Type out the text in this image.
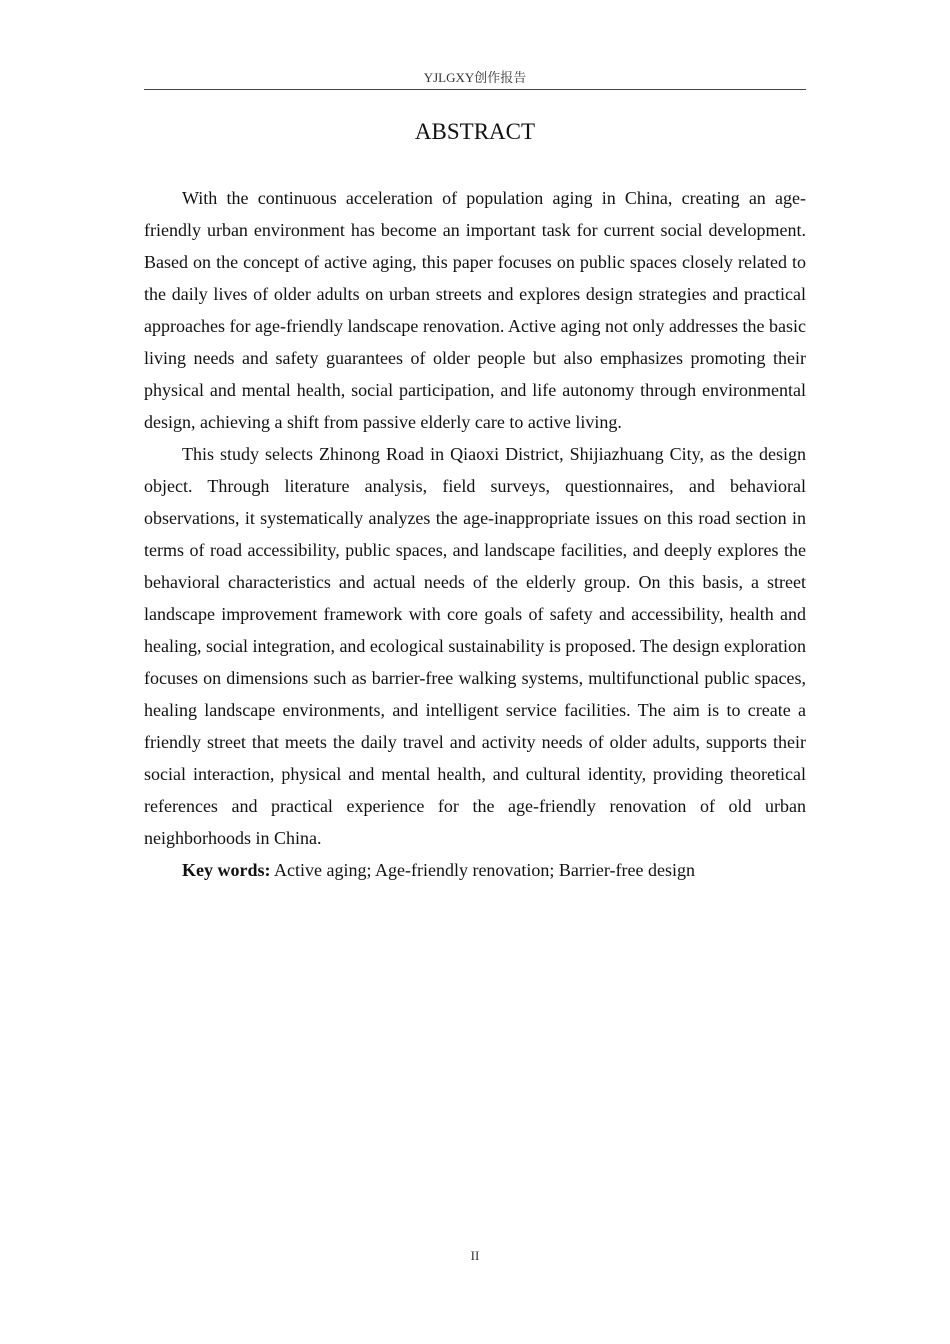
YJLGXY创作报告
ABSTRACT

With the continuous acceleration of population aging in China, creating an age-friendly urban environment has become an important task for current social development. Based on the concept of active aging, this paper focuses on public spaces closely related to the daily lives of older adults on urban streets and explores design strategies and practical approaches for age-friendly landscape renovation. Active aging not only addresses the basic living needs and safety guarantees of older people but also emphasizes promoting their physical and mental health, social participation, and life autonomy through environmental design, achieving a shift from passive elderly care to active living.

This study selects Zhinong Road in Qiaoxi District, Shijiazhuang City, as the design object. Through literature analysis, field surveys, questionnaires, and behavioral observations, it systematically analyzes the age-inappropriate issues on this road section in terms of road accessibility, public spaces, and landscape facilities, and deeply explores the behavioral characteristics and actual needs of the elderly group. On this basis, a street landscape improvement framework with core goals of safety and accessibility, health and healing, social integration, and ecological sustainability is proposed. The design exploration focuses on dimensions such as barrier-free walking systems, multifunctional public spaces, healing landscape environments, and intelligent service facilities. The aim is to create a friendly street that meets the daily travel and activity needs of older adults, supports their social interaction, physical and mental health, and cultural identity, providing theoretical references and practical experience for the age-friendly renovation of old urban neighborhoods in China.

Key words: Active aging; Age-friendly renovation; Barrier-free design

II
